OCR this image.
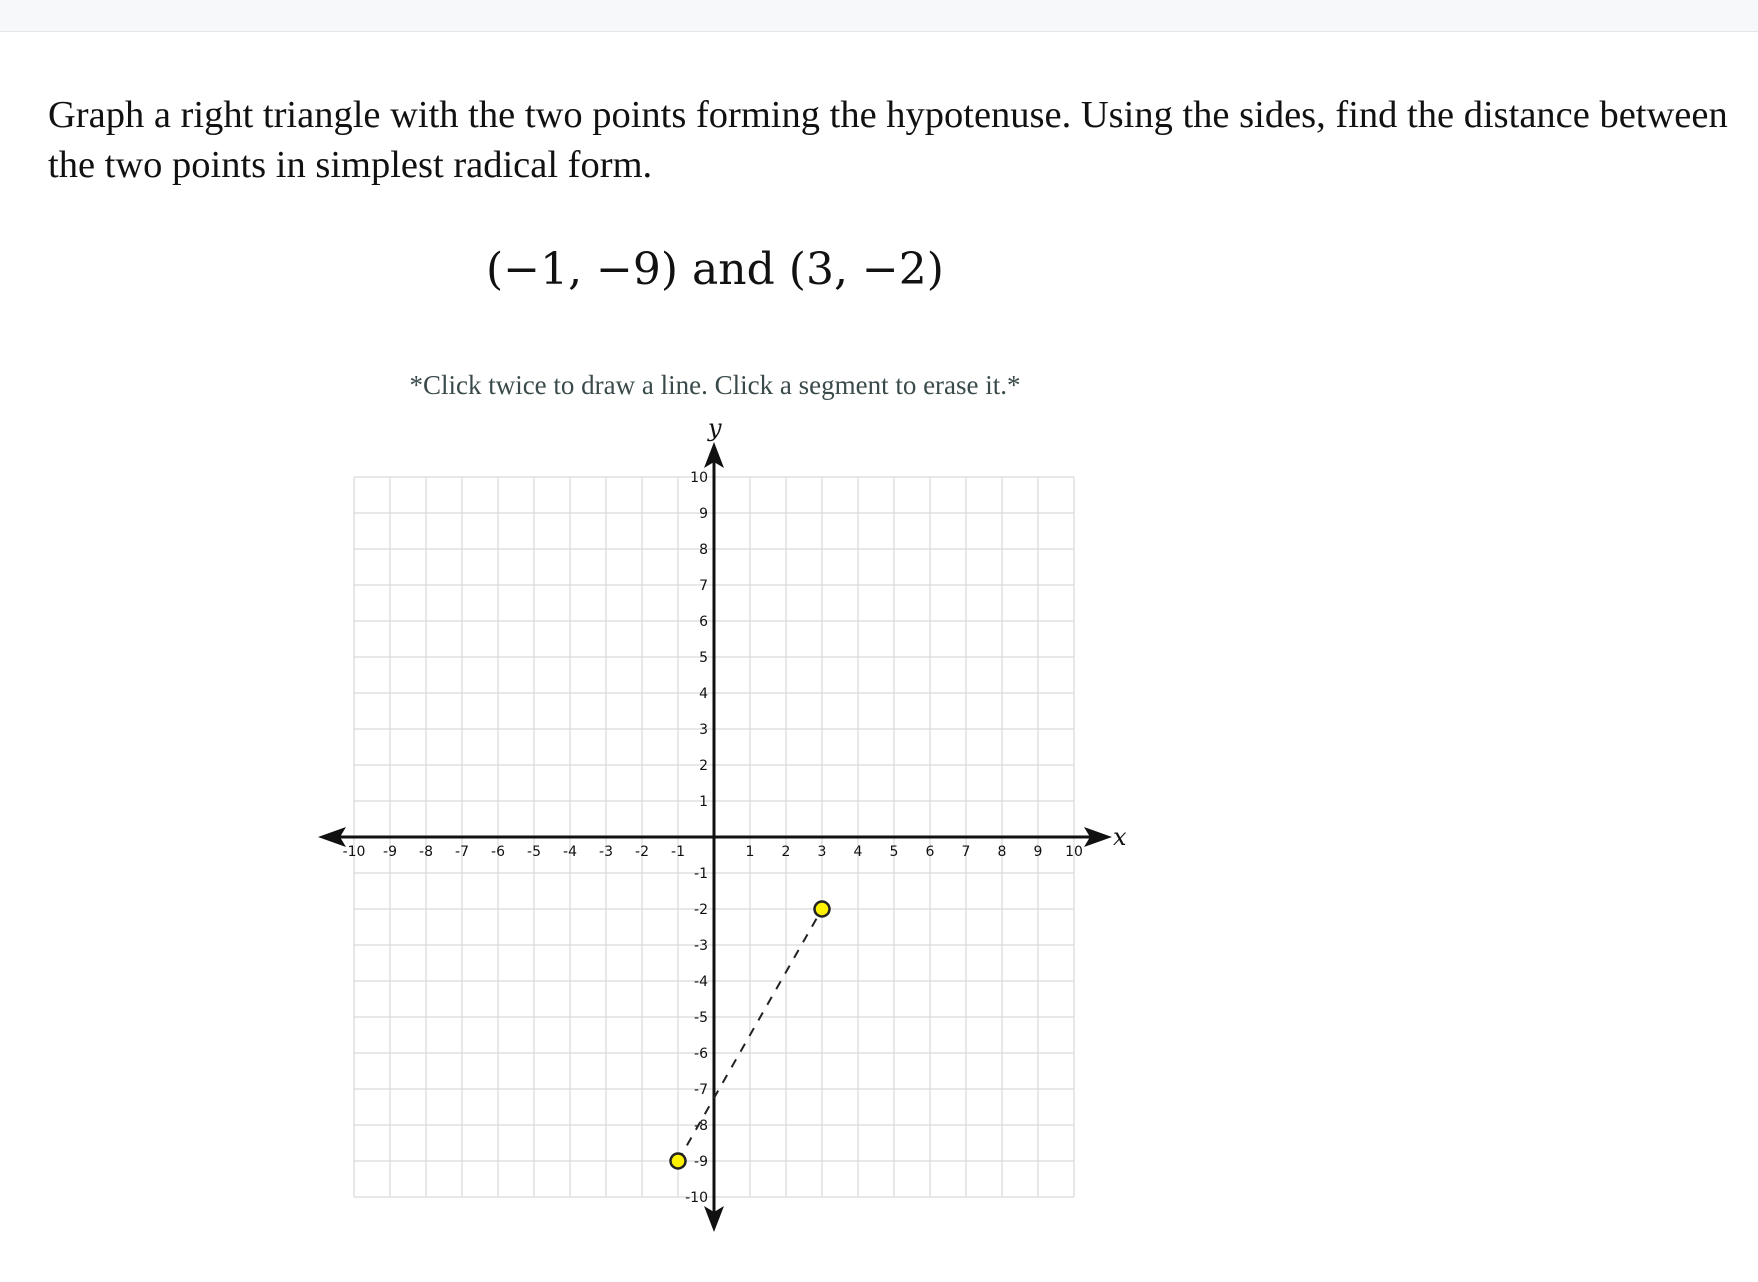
Graph a right triangle with the two points forming the hypotenuse. Using the sides, find the distance between the two points in simplest radical form.
(−1, −9) and (3, −2)
*Click twice to draw a line. Click a segment to erase it.*
x
y
-10 -9 -8 -7 -6 -5 -4 -3 -2 -1	1 2 3 4 5 6 7 8 9 10
10
9
8
7
6
5
4
3
2
1
-1
-2
-3
-4
-5
-6
-7
-8
-9
-10
